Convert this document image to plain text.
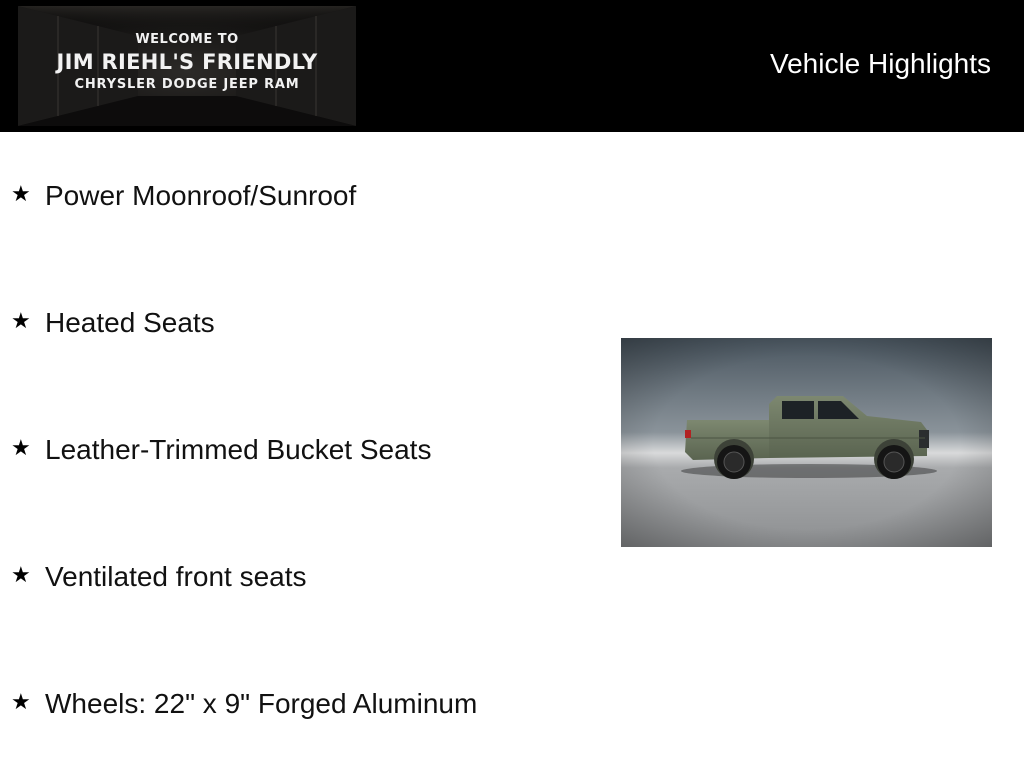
WELCOME TO
JIM RIEHL'S FRIENDLY
CHRYSLER DODGE JEEP RAM
Vehicle Highlights
★ Power Moonroof/Sunroof
★ Heated Seats
★ Leather-Trimmed Bucket Seats
★ Ventilated front seats
★ Wheels: 22" x 9" Forged Aluminum
